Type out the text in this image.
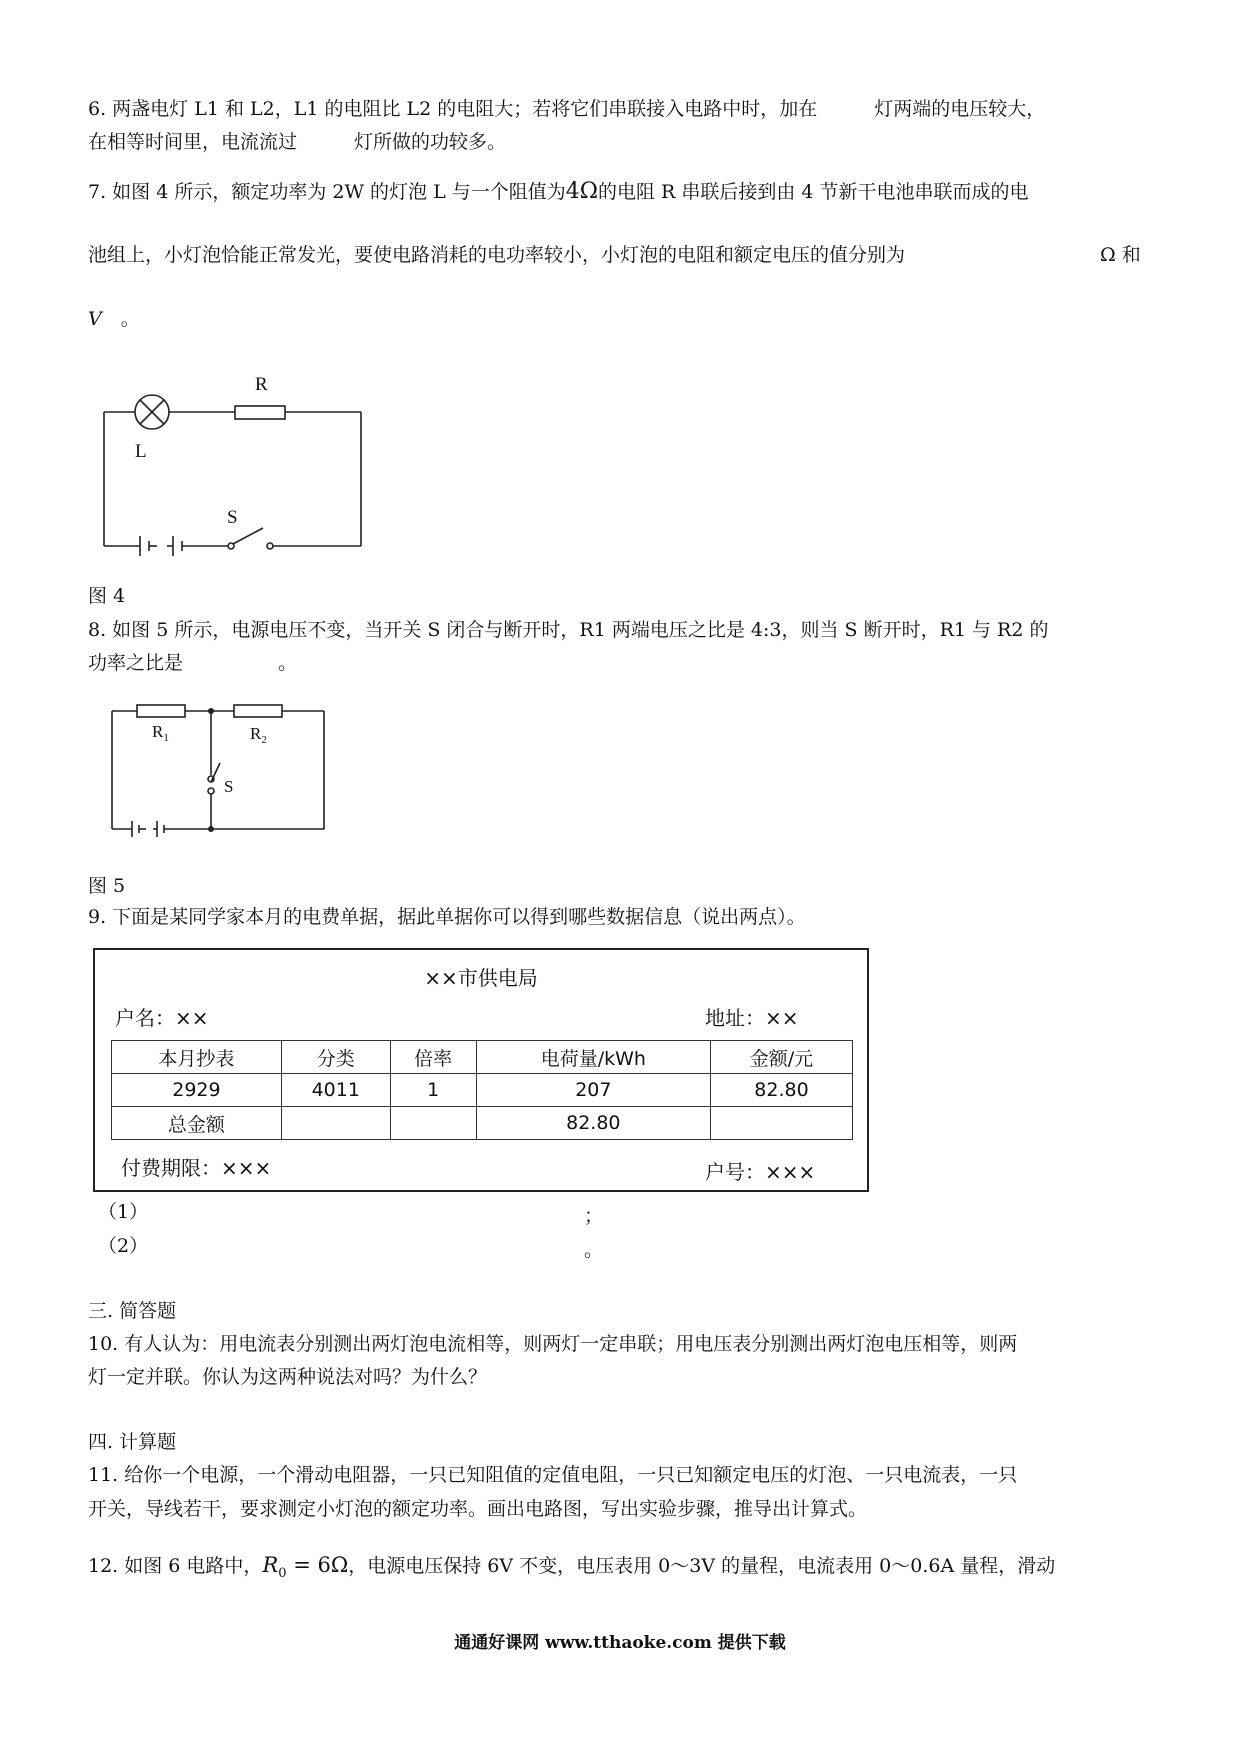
6. 两盏电灯 L1 和 L2，L1 的电阻比 L2 的电阻大；若将它们串联接入电路中时，加在　　　灯两端的电压较大，

在相等时间里，电流流过　　　灯所做的功较多。

7. 如图 4 所示，额定功率为 2W 的灯泡 L 与一个阻值为4Ω的电阻 R 串联后接到由 4 节新干电池串联而成的电

池组上，小灯泡恰能正常发光，要使电路消耗的电功率较小，小灯泡的电阻和额定电压的值分别为	Ω 和

V　 。

R
L
S
图 4

8. 如图 5 所示，电源电压不变，当开关 S 闭合与断开时，R1 两端电压之比是 4:3，则当 S 断开时，R1 与 R2 的

功率之比是　　　　　。

$R_1$	$R_2$
S
图 5

9. 下面是某同学家本月的电费单据，据此单据你可以得到哪些数据信息（说出两点）。

××市供电局
户名：××	地址：××
本月抄表	分类	倍率	电荷量/kWh	金额/元
2929	4011	1	207	82.80
总金额			82.80	
付费期限：×××	户号：×××
（1）	；
（2）	。
三. 简答题

10. 有人认为：用电流表分别测出两灯泡电流相等，则两灯一定串联；用电压表分别测出两灯泡电压相等，则两

灯一定并联。你认为这两种说法对吗？为什么？

四. 计算题

11. 给你一个电源，一个滑动电阻器，一只已知阻值的定值电阻，一只已知额定电压的灯泡、一只电流表，一只

开关，导线若干，要求测定小灯泡的额定功率。画出电路图，写出实验步骤，推导出计算式。

12. 如图 6 电路中，$R_0 = 6\Omega$，电源电压保持 6V 不变，电压表用 0～3V 的量程，电流表用 0～0.6A 量程，滑动

通通好课网 www.tthaoke.com 提供下载
